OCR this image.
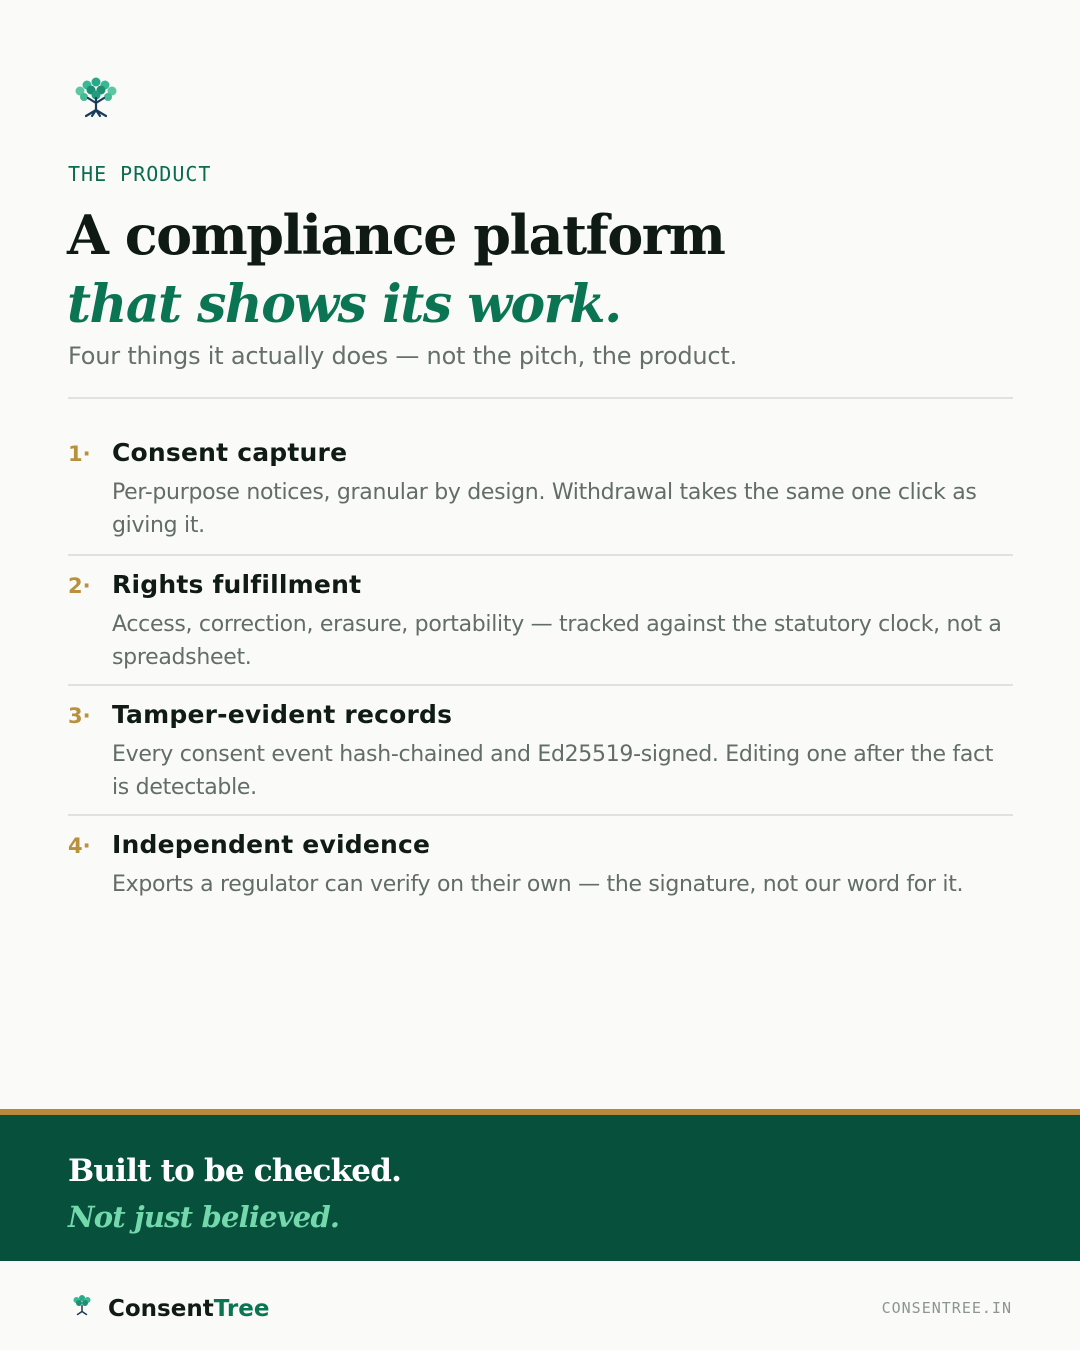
THE PRODUCT
A compliance platform
that shows its work.

Four things it actually does — not the pitch, the product.

1· Consent capture

Per-purpose notices, granular by design. Withdrawal takes the same one click as giving it.

2· Rights fulfillment

Access, correction, erasure, portability — tracked against the statutory clock, not a spreadsheet.

3· Tamper-evident records

Every consent event hash-chained and Ed25519-signed. Editing one after the fact is detectable.

4· Independent evidence

Exports a regulator can verify on their own — the signature, not our word for it.

Built to be checked.
Not just believed.
ConsentTree	CONSENTREE.IN
